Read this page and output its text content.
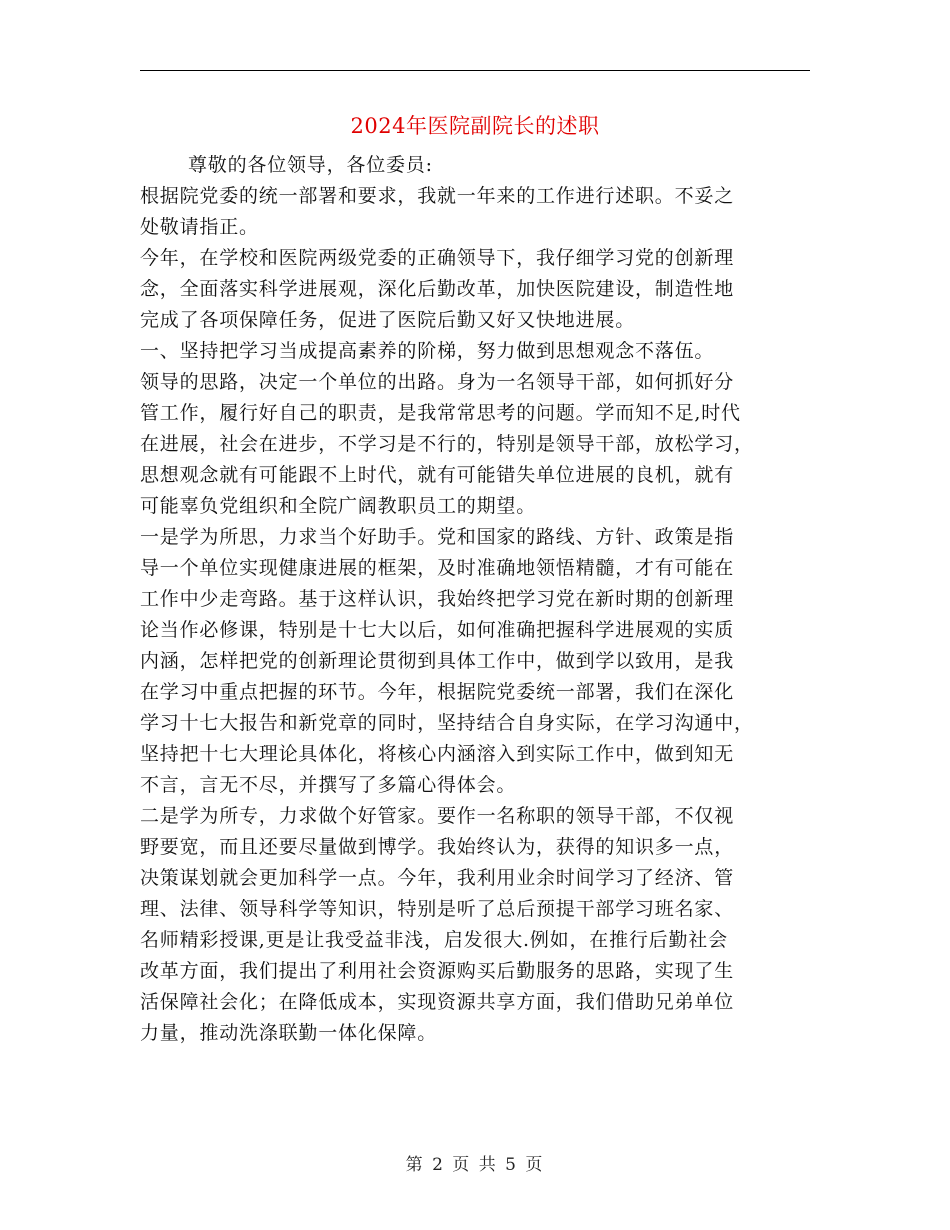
2024年医院副院长的述职
尊敬的各位领导，各位委员:
根据院党委的统一部署和要求，我就一年来的工作进行述职。不妥之
处敬请指正。
今年，在学校和医院两级党委的正确领导下，我仔细学习党的创新理
念，全面落实科学进展观，深化后勤改革，加快医院建设，制造性地
完成了各项保障任务，促进了医院后勤又好又快地进展。
一、坚持把学习当成提高素养的阶梯，努力做到思想观念不落伍。
领导的思路，决定一个单位的出路。身为一名领导干部，如何抓好分
管工作，履行好自己的职责，是我常常思考的问题。学而知不足,时代
在进展，社会在进步，不学习是不行的，特别是领导干部，放松学习，
思想观念就有可能跟不上时代，就有可能错失单位进展的良机，就有
可能辜负党组织和全院广阔教职员工的期望。
一是学为所思，力求当个好助手。党和国家的路线、方针、政策是指
导一个单位实现健康进展的框架，及时准确地领悟精髓，才有可能在
工作中少走弯路。基于这样认识，我始终把学习党在新时期的创新理
论当作必修课，特别是十七大以后，如何准确把握科学进展观的实质
内涵，怎样把党的创新理论贯彻到具体工作中，做到学以致用，是我
在学习中重点把握的环节。今年，根据院党委统一部署，我们在深化
学习十七大报告和新党章的同时，坚持结合自身实际，在学习沟通中，
坚持把十七大理论具体化，将核心内涵溶入到实际工作中，做到知无
不言，言无不尽，并撰写了多篇心得体会。
二是学为所专，力求做个好管家。要作一名称职的领导干部，不仅视
野要宽，而且还要尽量做到博学。我始终认为，获得的知识多一点，
决策谋划就会更加科学一点。今年，我利用业余时间学习了经济、管
理、法律、领导科学等知识，特别是听了总后预提干部学习班名家、
名师精彩授课,更是让我受益非浅，启发很大.例如，在推行后勤社会
改革方面，我们提出了利用社会资源购买后勤服务的思路，实现了生
活保障社会化；在降低成本，实现资源共享方面，我们借助兄弟单位
力量，推动洗涤联勤一体化保障。
第 2 页 共 5 页
